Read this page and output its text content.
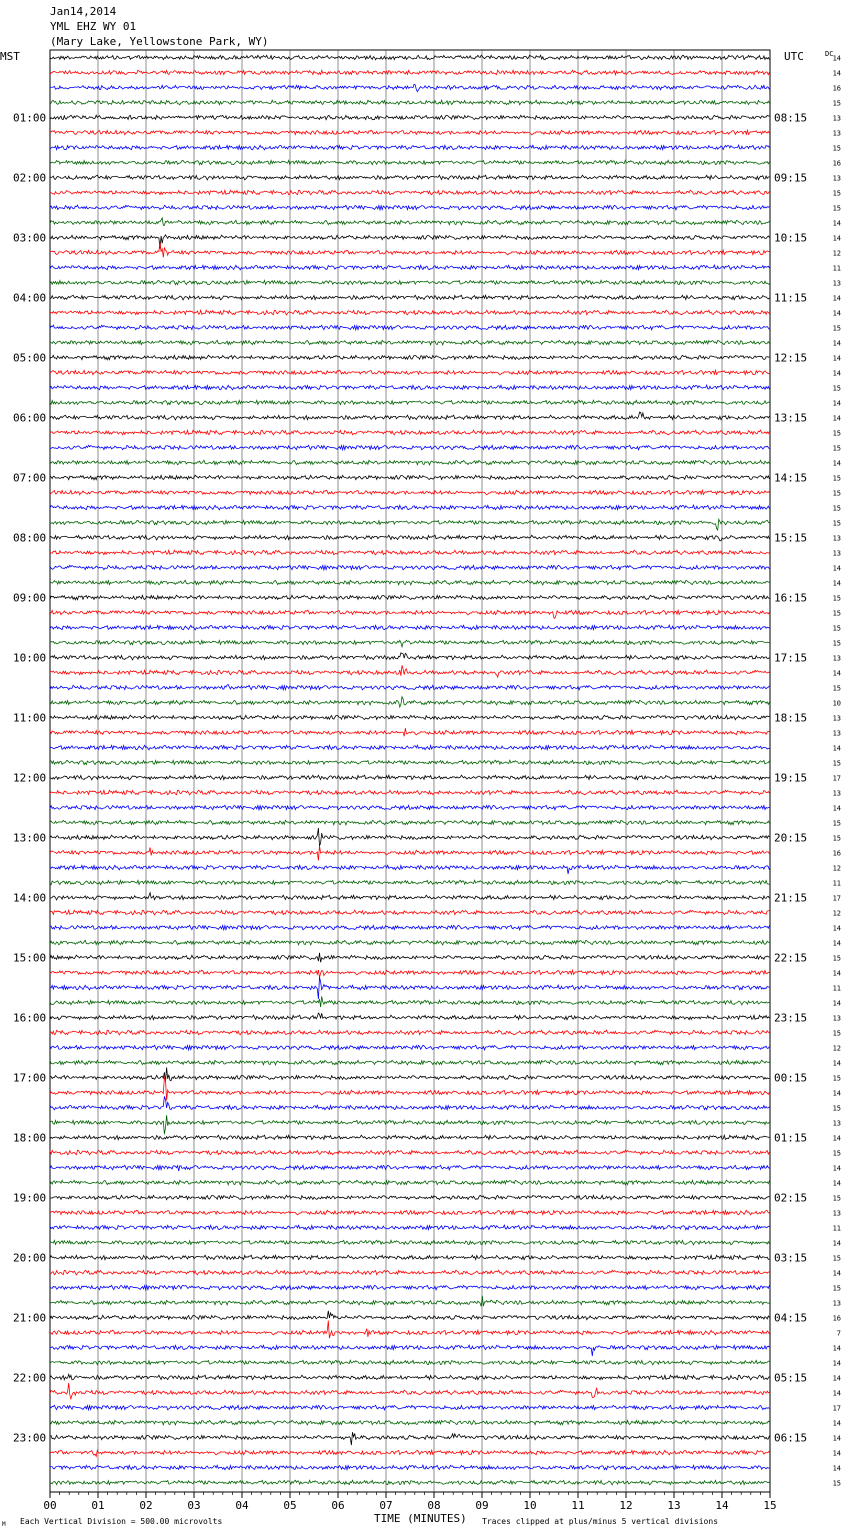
Jan14,2014
YML EHZ WY 01
(Mary Lake, Yellowstone Park, WY)
00	01	02	03	04	05	06	07	08	09	10	11	12	13	14	15
14
14
16
15
13
13
15
16
13
15
15
14
14
12
11
13
14
14
15
14
14
14
15
14
14
15
15
14
15
15
15
15
13
13
14
14
15
15
15
15
13
14
15
10
13
13
14
15
17
13
14
15
15
16
12
11
17
12
14
14
15
14
11
14
13
15
12
14
15
14
15
13
14
15
14
14
15
13
11
14
15
14
15
13
16
7
14
14
14
14
17
14
14
14
14
15
01:00
02:00
03:00
04:00
05:00
06:00
07:00
08:00
09:00
10:00
11:00
12:00
13:00
14:00
15:00
16:00
17:00
18:00
19:00
20:00
21:00
22:00
23:00
08:15
09:15
10:15
11:15
12:15
13:15
14:15
15:15
16:15
17:15
18:15
19:15
20:15
21:15
22:15
23:15
00:15
01:15
02:15
03:15
04:15
05:15
06:15
MST	UTC	DC
M Each Vertical Division = 500.00 microvolts	TIME (MINUTES) Traces clipped at plus/minus 5 vertical divisions
